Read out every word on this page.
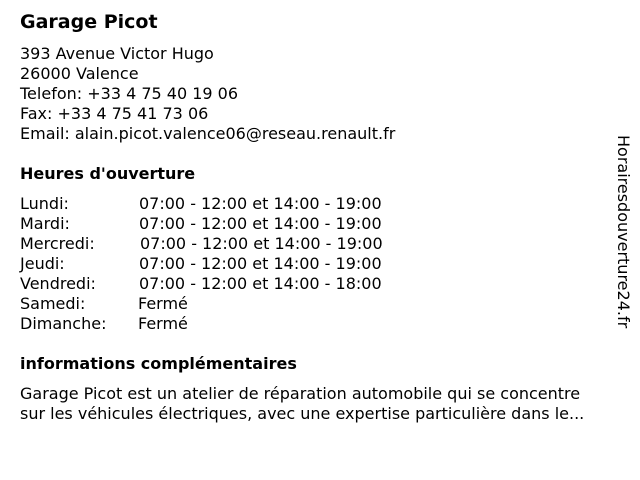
Garage Picot
393 Avenue Victor Hugo
26000 Valence
Telefon: +33 4 75 40 19 06
Fax: +33 4 75 41 73 06
Email: alain.picot.valence06@reseau.renault.fr
Heures d'ouverture
Lundi:	07:00 - 12:00 et 14:00 - 19:00
Mardi:	07:00 - 12:00 et 14:00 - 19:00
Mercredi:	07:00 - 12:00 et 14:00 - 19:00
Jeudi:	07:00 - 12:00 et 14:00 - 19:00
Vendredi:	07:00 - 12:00 et 14:00 - 18:00
Samedi:	Fermé
Dimanche: Fermé
informations complémentaires
Garage Picot est un atelier de réparation automobile qui se concentre
sur les véhicules électriques, avec une expertise particulière dans le...
Horairesdouverture24.fr
